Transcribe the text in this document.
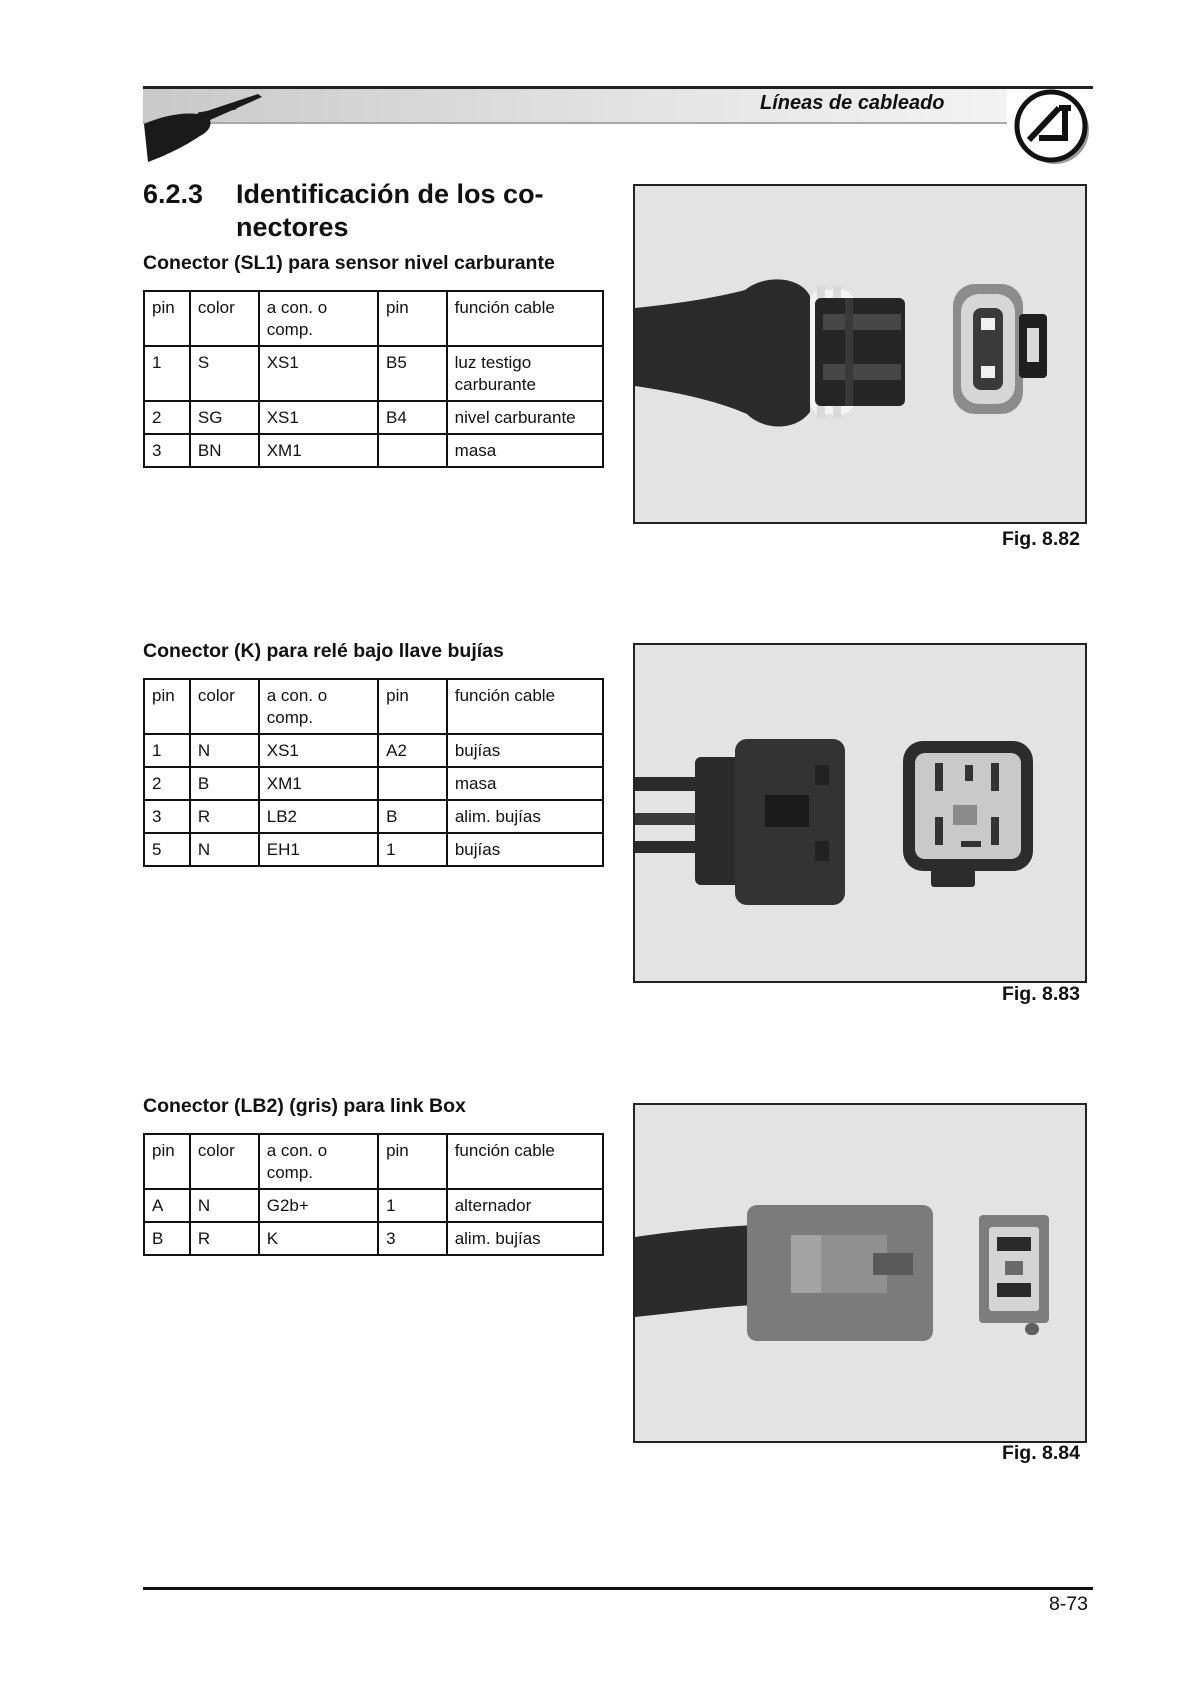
Líneas de cableado
6.2.3 Identificación de los co-nectores
Conector (SL1) para sensor nivel carburante
pin	color	a con. o comp.	pin	función cable
1	S	XS1	B5	luz testigo carburante
2	SG	XS1	B4	nivel carburante
3	BN	XM1		masa
Fig. 8.82
Conector (K) para relé bajo llave bujías
pin	color	a con. o comp.	pin	función cable
1	N	XS1	A2	bujías
2	B	XM1		masa
3	R	LB2	B	alim. bujías
5	N	EH1	1	bujías
Fig. 8.83
Conector (LB2) (gris) para link Box
pin	color	a con. o comp.	pin	función cable
A	N	G2b+	1	alternador
B	R	K	3	alim. bujías
Fig. 8.84
8-73
